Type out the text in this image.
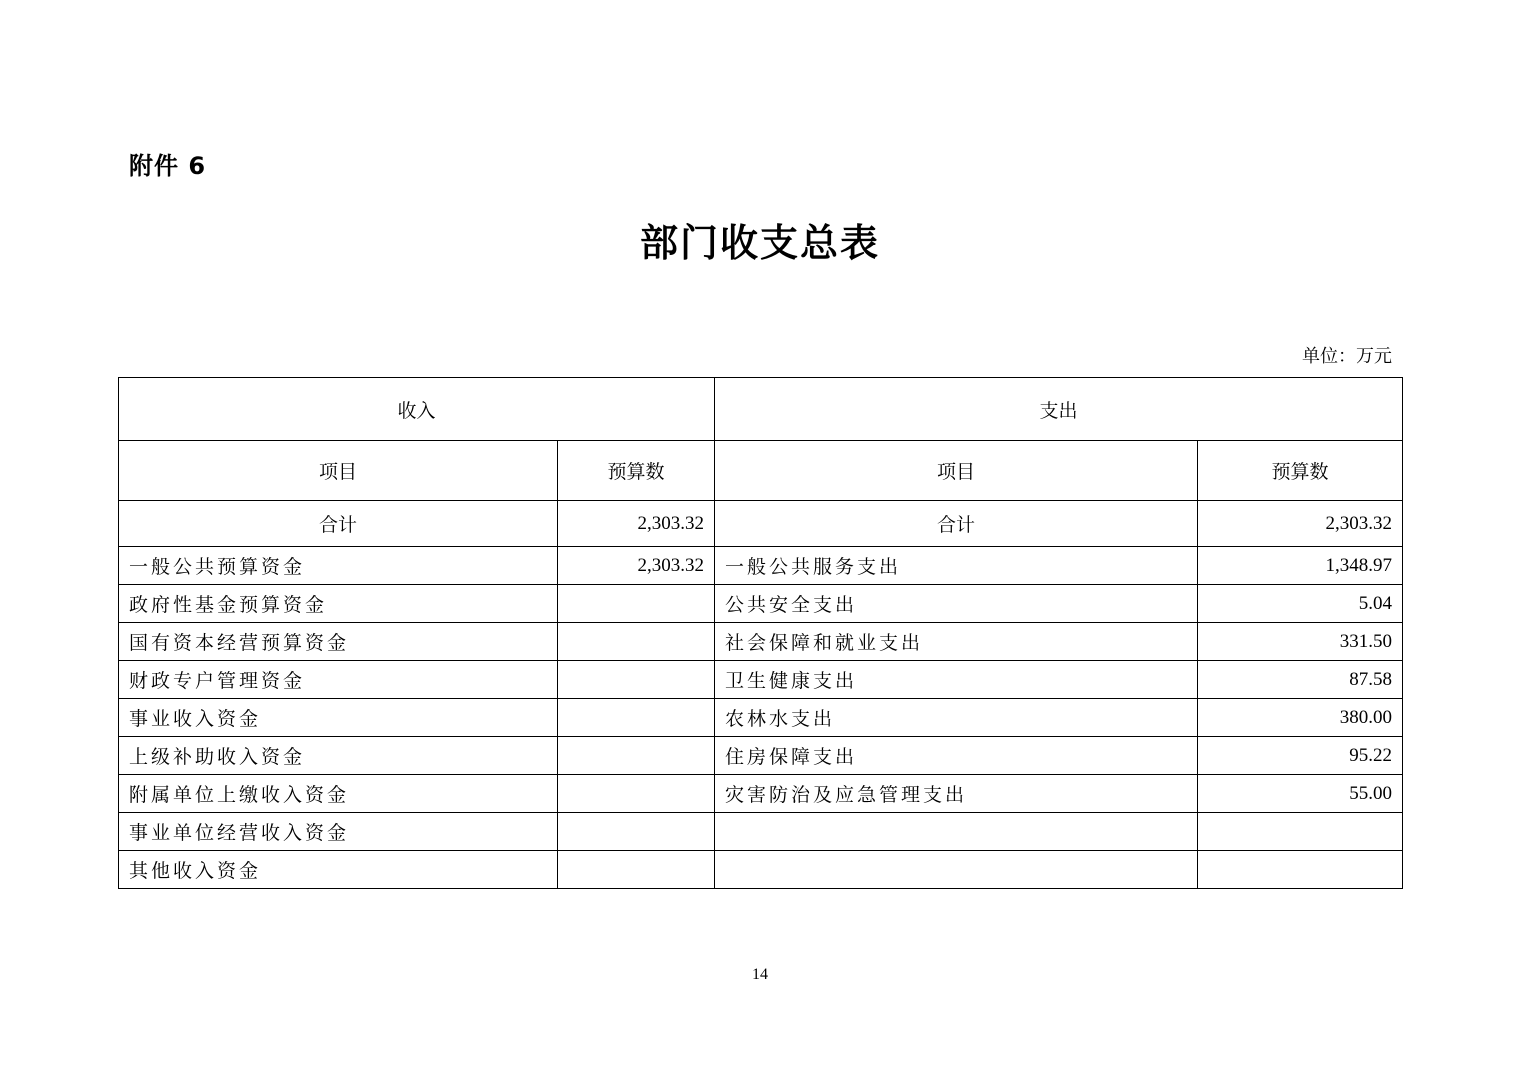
附件 6
部门收支总表
单位：万元
收入		支出	
项目	预算数	项目	预算数
合计	2,303.32	合计	2,303.32
一般公共预算资金	2,303.32	一般公共服务支出	1,348.97
政府性基金预算资金		公共安全支出	5.04
国有资本经营预算资金		社会保障和就业支出	331.50
财政专户管理资金		卫生健康支出	87.58
事业收入资金		农林水支出	380.00
上级补助收入资金		住房保障支出	95.22
附属单位上缴收入资金		灾害防治及应急管理支出	55.00
事业单位经营收入资金			
其他收入资金			
14
